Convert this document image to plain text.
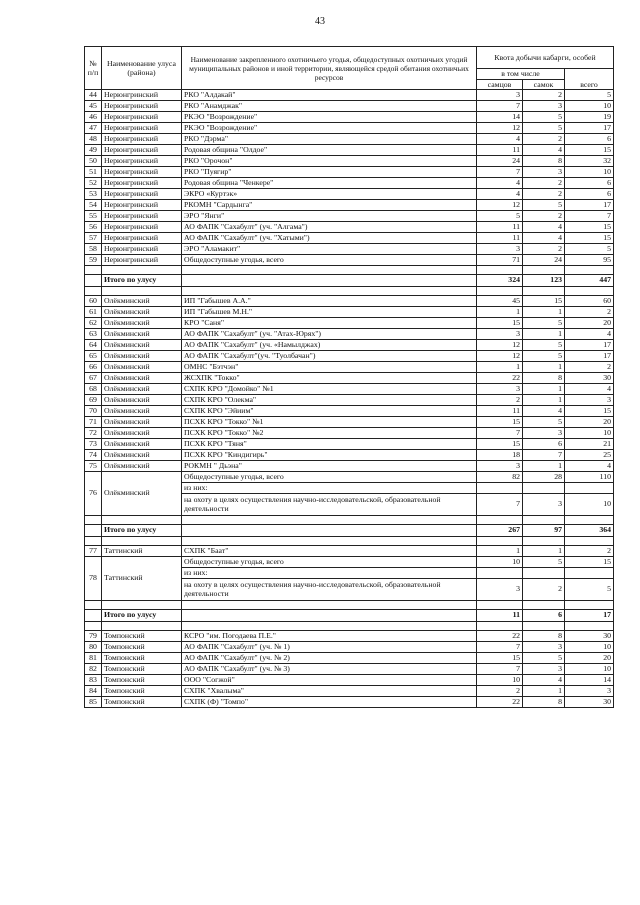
43
№ п/п	Наименование улуса (района)	Наименование закрепленного охотничьего угодья, общедоступных охотничьих угодий муниципальных районов и иной территории, являющейся средой обитания охотничьих ресурсов	Квота добычи кабарги, особей		
			в том числе		всего
			самцов	самок	
44	Нерюнгринский	РКО "Алдакай"	3	2	5
45	Нерюнгринский	РКО "Анамджак"	7	3	10
46	Нерюнгринский	РКЭО "Возрождение"	14	5	19
47	Нерюнгринский	РКЭО "Возрождение"	12	5	17
48	Нерюнгринский	РКО "Дэрма"	4	2	6
49	Нерюнгринский	Родовая община "Олдое"	11	4	15
50	Нерюнгринский	РКО "Орочон"	24	8	32
51	Нерюнгринский	РКО "Пуягир"	7	3	10
52	Нерюнгринский	Родовая община "Ченкере"	4	2	6
53	Нерюнгринский	ЭКРО «Куртэк»	4	2	6
54	Нерюнгринский	РКОМН "Сардынга"	12	5	17
55	Нерюнгринский	ЭРО "Янги"	5	2	7
56	Нерюнгринский	АО ФАПК "Сахабулт" (уч. "Алгама")	11	4	15
57	Нерюнгринский	АО ФАПК "Сахабулт" (уч. "Хатыми")	11	4	15
58	Нерюнгринский	ЭРО "Аламакит"	3	2	5
59	Нерюнгринский	Общедоступные угодья, всего	71	24	95

	Итого по улусу		324	123	447

60	Олёкминский	ИП "Габышев А.А."	45	15	60
61	Олёкминский	ИП "Габышев М.Н."	1	1	2
62	Олёкминский	КРО "Саня"	15	5	20
63	Олёкминский	АО ФАПК "Сахабулт" (уч. "Атах-Юрях")	3	1	4
64	Олёкминский	АО ФАПК "Сахабулт" (уч. «Намылджах)	12	5	17
65	Олёкминский	АО ФАПК "Сахабулт"(уч. "Туолбачан")	12	5	17
66	Олёкминский	ОМНС "Бэтчэн"	1	1	2
67	Олёкминский	ЖСХПК "Токко"	22	8	30
68	Олёкминский	СХПК КРО "Домойко" №1	3	1	4
69	Олёкминский	СХПК КРО "Олекма"	2	1	3
70	Олёкминский	СХПК КРО "Эйиим"	11	4	15
71	Олёкминский	ПСХК КРО "Токко" №1	15	5	20
72	Олёкминский	ПСХК КРО "Токко" №2	7	3	10
73	Олёкминский	ПСХК КРО "Тяня"	15	6	21
74	Олёкминский	ПСХК КРО "Киндигирь"	18	7	25
75	Олёкминский	РОКМН " Дьэна"	3	1	4
76	Олёкминский	Общедоступные угодья, всего	82	28	110
		из них:			
		на охоту в целях осуществления научно-исследовательской, образовательной деятельности	7	3	10

	Итого по улусу		267	97	364

77	Таттинский	СХПК "Баат"	1	1	2
78	Таттинский	Общедоступные угодья, всего	10	5	15
		из них:			
		на охоту в целях осуществления научно-исследовательской, образовательной деятельности	3	2	5

	Итого по улусу		11	6	17

79	Томпонский	КСРО "им. Погодаева П.Е."	22	8	30
80	Томпонский	АО ФАПК "Сахабулт" (уч. № 1)	7	3	10
81	Томпонский	АО ФАПК "Сахабулт" (уч. № 2)	15	5	20
82	Томпонский	АО ФАПК "Сахабулт" (уч. № 3)	7	3	10
83	Томпонский	ООО "Согжой"	10	4	14
84	Томпонский	СХПК "Хвалыма"	2	1	3
85	Томпонский	СХПК (Ф) "Томпо"	22	8	30
